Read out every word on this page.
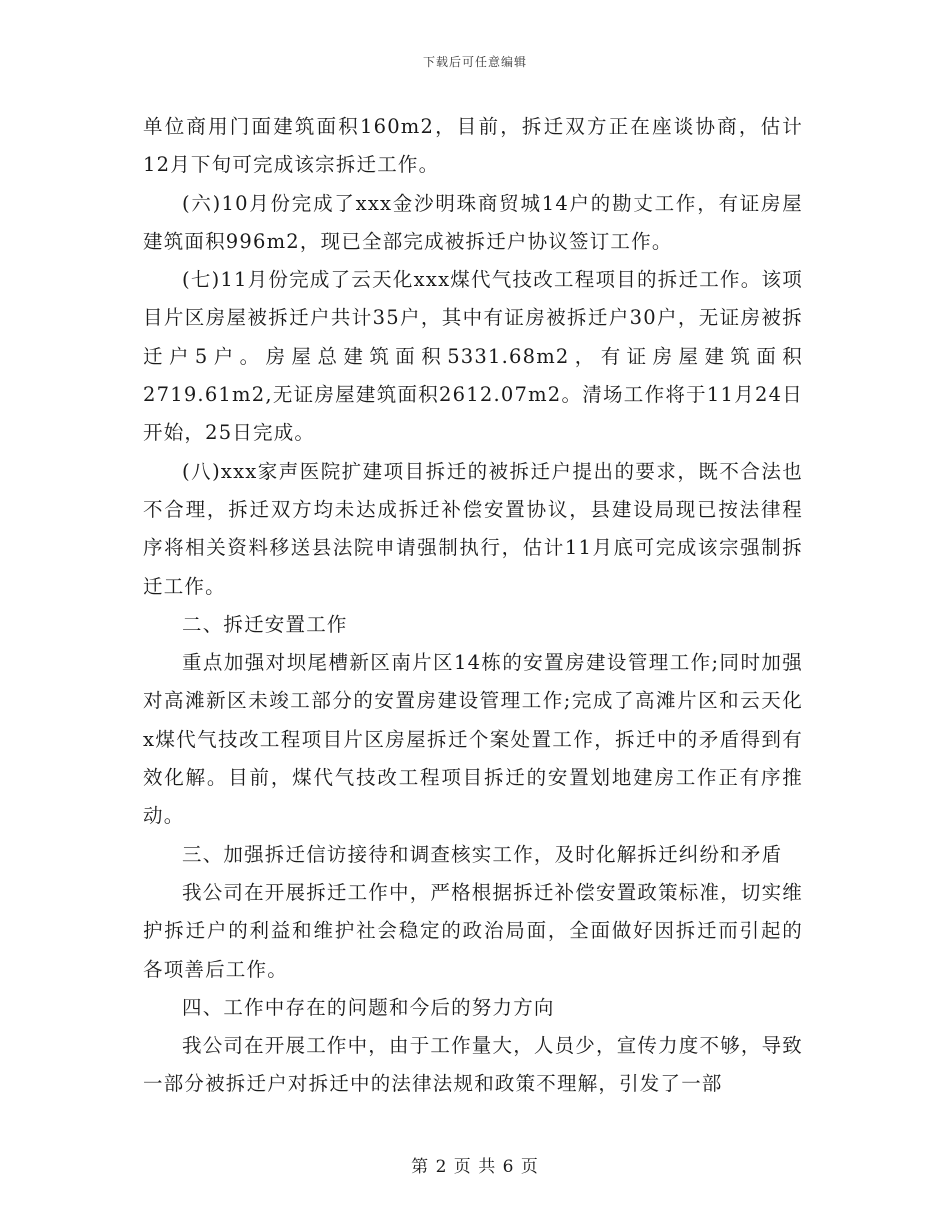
下载后可任意编辑

单位商用门面建筑面积160m2，目前，拆迁双方正在座谈协商，估计12月下旬可完成该宗拆迁工作。

(六)10月份完成了xxx金沙明珠商贸城14户的勘丈工作，有证房屋建筑面积996m2，现已全部完成被拆迁户协议签订工作。

(七)11月份完成了云天化xxx煤代气技改工程项目的拆迁工作。该项目片区房屋被拆迁户共计35户，其中有证房被拆迁户30户，无证房被拆迁户5户。房屋总建筑面积5331.68m2，有证房屋建筑面积2719.61m2,无证房屋建筑面积2612.07m2。清场工作将于11月24日开始，25日完成。

(八)xxx家声医院扩建项目拆迁的被拆迁户提出的要求，既不合法也不合理，拆迁双方均未达成拆迁补偿安置协议，县建设局现已按法律程序将相关资料移送县法院申请强制执行，估计11月底可完成该宗强制拆迁工作。

二、拆迁安置工作

重点加强对坝尾槽新区南片区14栋的安置房建设管理工作;同时加强对高滩新区未竣工部分的安置房建设管理工作;完成了高滩片区和云天化x煤代气技改工程项目片区房屋拆迁个案处置工作，拆迁中的矛盾得到有效化解。目前，煤代气技改工程项目拆迁的安置划地建房工作正有序推动。

三、加强拆迁信访接待和调查核实工作，及时化解拆迁纠纷和矛盾

我公司在开展拆迁工作中，严格根据拆迁补偿安置政策标准，切实维护拆迁户的利益和维护社会稳定的政治局面，全面做好因拆迁而引起的各项善后工作。

四、工作中存在的问题和今后的努力方向

我公司在开展工作中，由于工作量大，人员少，宣传力度不够，导致一部分被拆迁户对拆迁中的法律法规和政策不理解，引发了一部

第 2 页 共 6 页
